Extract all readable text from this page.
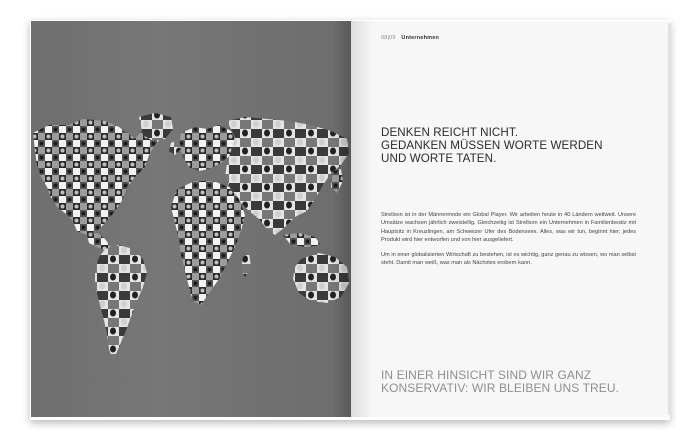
08|09 Unternehmen
DENKEN REICHT NICHT.
GEDANKEN MÜSSEN WORTE WERDEN
UND WORTE TATEN.

Strellson ist in der Männermode ein Global Player. Wir arbeiten heute in 40 Ländern weltweit. Unsere Umsätze wachsen jährlich zweistellig. Gleichzeitig ist Strellson ein Unternehmen in Familienbesitz mit Hauptsitz in Kreuzlingen, am Schweizer Ufer des Bodensees. Alles, was wir tun, beginnt hier; jedes Produkt wird hier entworfen und von hier ausgeliefert.

Um in einer globalisierten Wirtschaft zu bestehen, ist es wichtig, ganz genau zu wissen, wo man selbst steht. Damit man weiß, was man als Nächstes erobern kann.

IN EINER HINSICHT SIND WIR GANZ
KONSERVATIV: WIR BLEIBEN UNS TREU.
